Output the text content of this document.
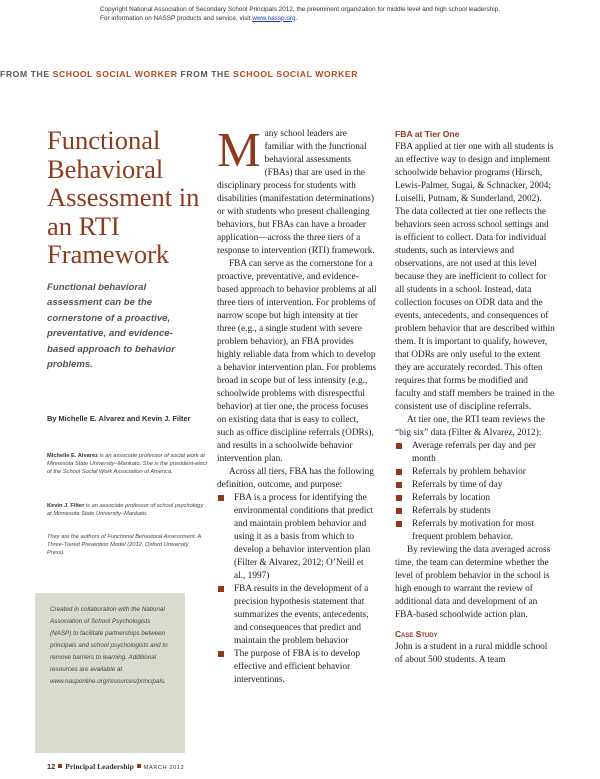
Copyright National Association of Secondary School Principals 2012, the preeminent organization for middle level and high school leadership. For information on NASSP products and service, visit www.nassp.org.
FROM THE SCHOOL SOCIAL WORKER FROM THE SCHOOL SOCIAL WORKER
Functional Behavioral Assessment in an RTI Framework
Functional behavioral assessment can be the cornerstone of a proactive, preventative, and evidence-based approach to behavior problems.
By Michelle E. Alvarez and Kevin J. Filter
Michelle E. Alvarez is an associate professor of social work at Minnesota State University–Mankato. She is the president-elect of the School Social Work Association of America.
Kevin J. Filter is an associate professor of school psychology at Minnesota State University–Mankato.
They are the authors of Functional Behavioral Assessment: A Three-Tiered Prevention Model (2012, Oxford University Press).

Created in collaboration with the National Association of School Psychologists (NASP) to facilitate partnerships between principals and school psychologists and to remove barriers to learning. Additional resources are available at www.nasponline.org/resources/principals.

Many school leaders are familiar with the functional behavioral assessments (FBAs) that are used in the disciplinary process for students with disabilities (manifestation determinations) or with students who present challenging behaviors, but FBAs can have a broader application—across the three tiers of a response to intervention (RTI) framework.

FBA can serve as the cornerstone for a proactive, preventative, and evidence-based approach to behavior problems at all three tiers of intervention. For problems of narrow scope but high intensity at tier three (e.g., a single student with severe problem behavior), an FBA provides highly reliable data from which to develop a behavior intervention plan. For problems broad in scope but of less intensity (e.g., schoolwide problems with disrespectful behavior) at tier one, the process focuses on existing data that is easy to collect, such as office discipline referrals (ODRs), and results in a schoolwide behavior intervention plan.

Across all tiers, FBA has the following definition, outcome, and purpose:

FBA is a process for identifying the environmental conditions that predict and maintain problem behavior and using it as a basis from which to develop a behavior intervention plan (Filter & Alvarez, 2012; O’Neill et al., 1997)
FBA results in the development of a precision hypothesis statement that summarizes the events, antecedents, and consequences that predict and maintain the problem behavior
The purpose of FBA is to develop effective and efficient behavior interventions.
FBA at Tier One

FBA applied at tier one with all students is an effective way to design and implement schoolwide behavior programs (Hirsch, Lewis-Palmer, Sugai, & Schnacker, 2004; Luiselli, Putnam, & Sunderland, 2002). The data collected at tier one reflects the behaviors seen across school settings and is efficient to collect. Data for individual students, such as interviews and observations, are not used at this level because they are inefficient to collect for all students in a school. Instead, data collection focuses on ODR data and the events, antecedents, and consequences of problem behavior that are described within them. It is important to qualify, however, that ODRs are only useful to the extent they are accurately recorded. This often requires that forms be modified and faculty and staff members be trained in the consistent use of discipline referrals.

At tier one, the RTI team reviews the “big six” data (Filter & Alvarez, 2012):

Average referrals per day and per month
Referrals by problem behavior
Referrals by time of day
Referrals by location
Referrals by students
Referrals by motivation for most frequent problem behavior.

By reviewing the data averaged across time, the team can determine whether the level of problem behavior in the school is high enough to warrant the review of additional data and development of an FBA-based schoolwide action plan.

Case Study

John is a student in a rural middle school of about 500 students. A team

12 Principal Leadership MARCH 2012
